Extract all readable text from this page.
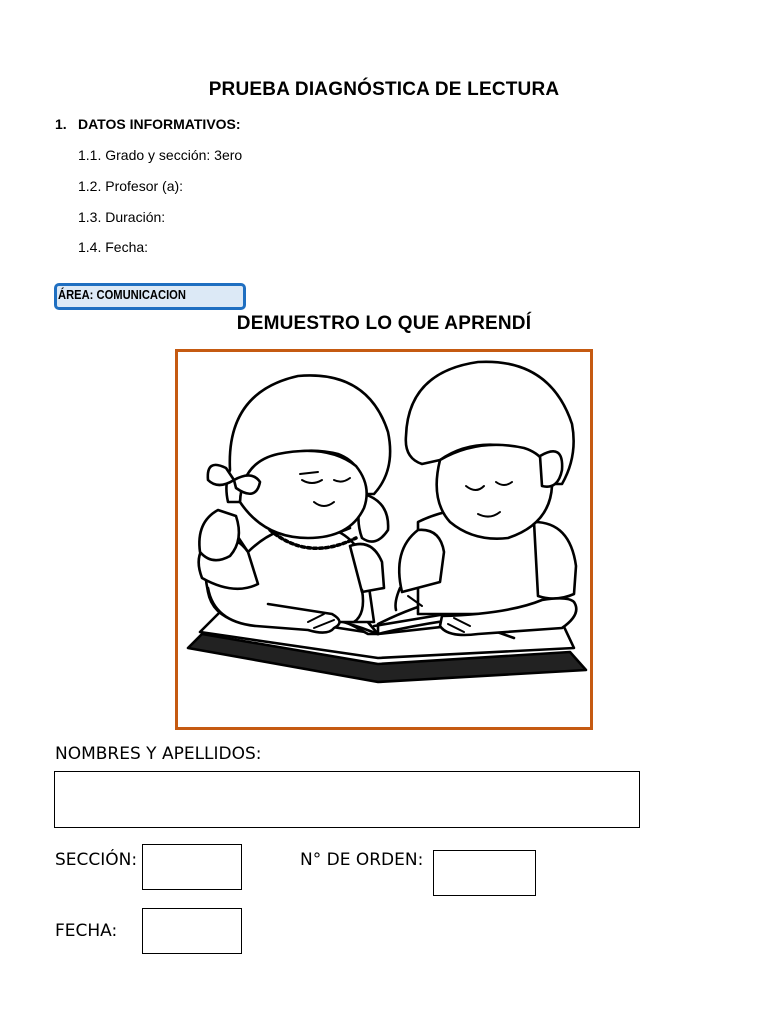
PRUEBA DIAGNÓSTICA DE LECTURA
1. DATOS INFORMATIVOS:
1.1. Grado y sección: 3ero
1.2. Profesor (a):
1.3. Duración:
1.4. Fecha:
ÁREA: COMUNICACION
DEMUESTRO LO QUE APRENDÍ
NOMBRES Y APELLIDOS:
SECCIÓN:	N° DE ORDEN:
FECHA:
